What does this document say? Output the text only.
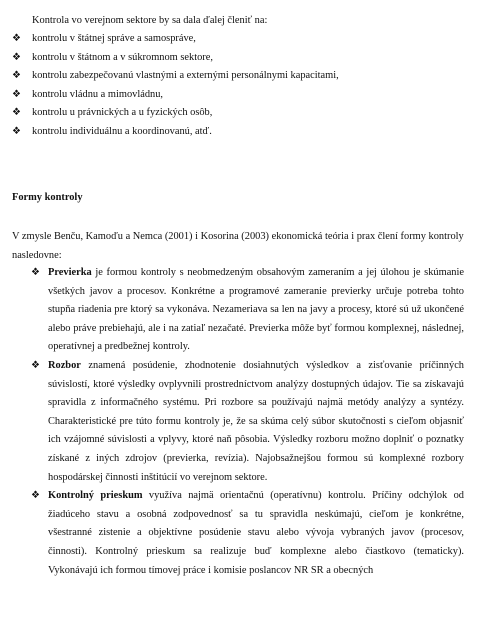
Kontrola vo verejnom sektore by sa dala ďalej členiť na:
❖ kontrolu v štátnej správe a samospráve,
❖ kontrolu v štátnom a v súkromnom sektore,
❖ kontrolu zabezpečovanú vlastnými a externými personálnymi kapacitami,
❖ kontrolu vládnu a mimovládnu,
❖ kontrolu u právnických a u fyzických osôb,
❖ kontrolu individuálnu a koordinovanú, atď.
Formy kontroly
V zmysle Benču, Kamoďu a Nemca (2001) i Kosorina (2003) ekonomická teória i prax člení formy kontroly nasledovne:
❖ Previerka je formou kontroly s neobmedzeným obsahovým zameraním a jej úlohou je skúmanie všetkých javov a procesov. Konkrétne a programové zameranie previerky určuje potreba tohto stupňa riadenia pre ktorý sa vykonáva. Nezameriava sa len na javy a procesy, ktoré sú už ukončené alebo práve prebiehajú, ale i na zatiaľ nezačaté. Previerka môže byť formou komplexnej, následnej, operatívnej a predbežnej kontroly.
❖ Rozbor znamená posúdenie, zhodnotenie dosiahnutých výsledkov a zisťovanie príčinných súvislostí, ktoré výsledky ovplyvnili prostredníctvom analýzy dostupných údajov. Tie sa získavajú spravidla z informačného systému. Pri rozbore sa používajú najmä metódy analýzy a syntézy. Charakteristické pre túto formu kontroly je, že sa skúma celý súbor skutočnosti s cieľom objasniť ich vzájomné súvislosti a vplyvy, ktoré naň pôsobia. Výsledky rozboru možno doplniť o poznatky získané z iných zdrojov (previerka, revízia). Najobsažnejšou formou sú komplexné rozbory hospodárskej činnosti inštitúcií vo verejnom sektore.
❖ Kontrolný prieskum využíva najmä orientačnú (operatívnu) kontrolu. Príčiny odchýlok od žiadúceho stavu a osobná zodpovednosť sa tu spravidla neskúmajú, cieľom je konkrétne, všestranné zistenie a objektívne posúdenie stavu alebo vývoja vybraných javov (procesov, činnosti). Kontrolný prieskum sa realizuje buď komplexne alebo čiastkovo (tematicky). Vykonávajú ich formou tímovej práce i komisie poslancov NR SR a obecných
